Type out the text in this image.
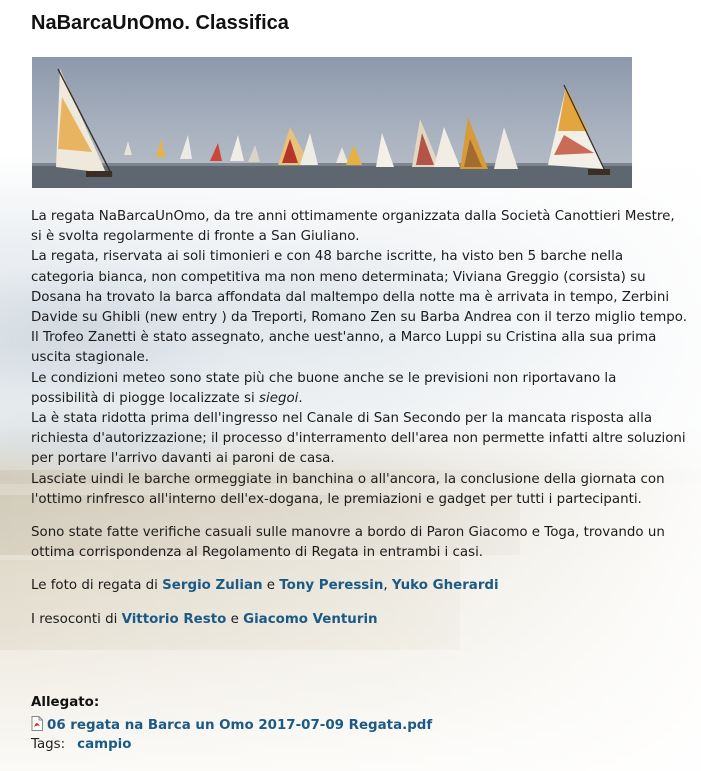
NaBarcaUnOmo. Classifica

La regata NaBarcaUnOmo, da tre anni ottimamente organizzata dalla Società Canottieri Mestre, si è svolta regolarmente di fronte a San Giuliano.

La regata, riservata ai soli timonieri e con 48 barche iscritte, ha visto ben 5 barche nella categoria bianca, non competitiva ma non meno determinata; Viviana Greggio (corsista) su Dosana ha trovato la barca affondata dal maltempo della notte ma è arrivata in tempo, Zerbini Davide su Ghibli (new entry ) da Treporti, Romano Zen su Barba Andrea con il terzo miglio tempo.

Il Trofeo Zanetti è stato assegnato, anche uest'anno, a Marco Luppi su Cristina alla sua prima uscita stagionale.

Le condizioni meteo sono state più che buone anche se le previsioni non riportavano la possibilità di piogge localizzate si siegoi.

La è stata ridotta prima dell'ingresso nel Canale di San Secondo per la mancata risposta alla richiesta d'autorizzazione; il processo d'interramento dell'area non permette infatti altre soluzioni per portare l'arrivo davanti ai paroni de casa.

Lasciate uindi le barche ormeggiate in banchina o all'ancora, la conclusione della giornata con l'ottimo rinfresco all'interno dell'ex-dogana, le premiazioni e gadget per tutti i partecipanti.

Sono state fatte verifiche casuali sulle manovre a bordo di Paron Giacomo e Toga, trovando un ottima corrispondenza al Regolamento di Regata in entrambi i casi.

Le foto di regata di Sergio Zulian e Tony Peressin, Yuko Gherardi

I resoconti di Vittorio Resto e Giacomo Venturin

Allegato:
06 regata na Barca un Omo 2017-07-09 Regata.pdf
Tags: campio
